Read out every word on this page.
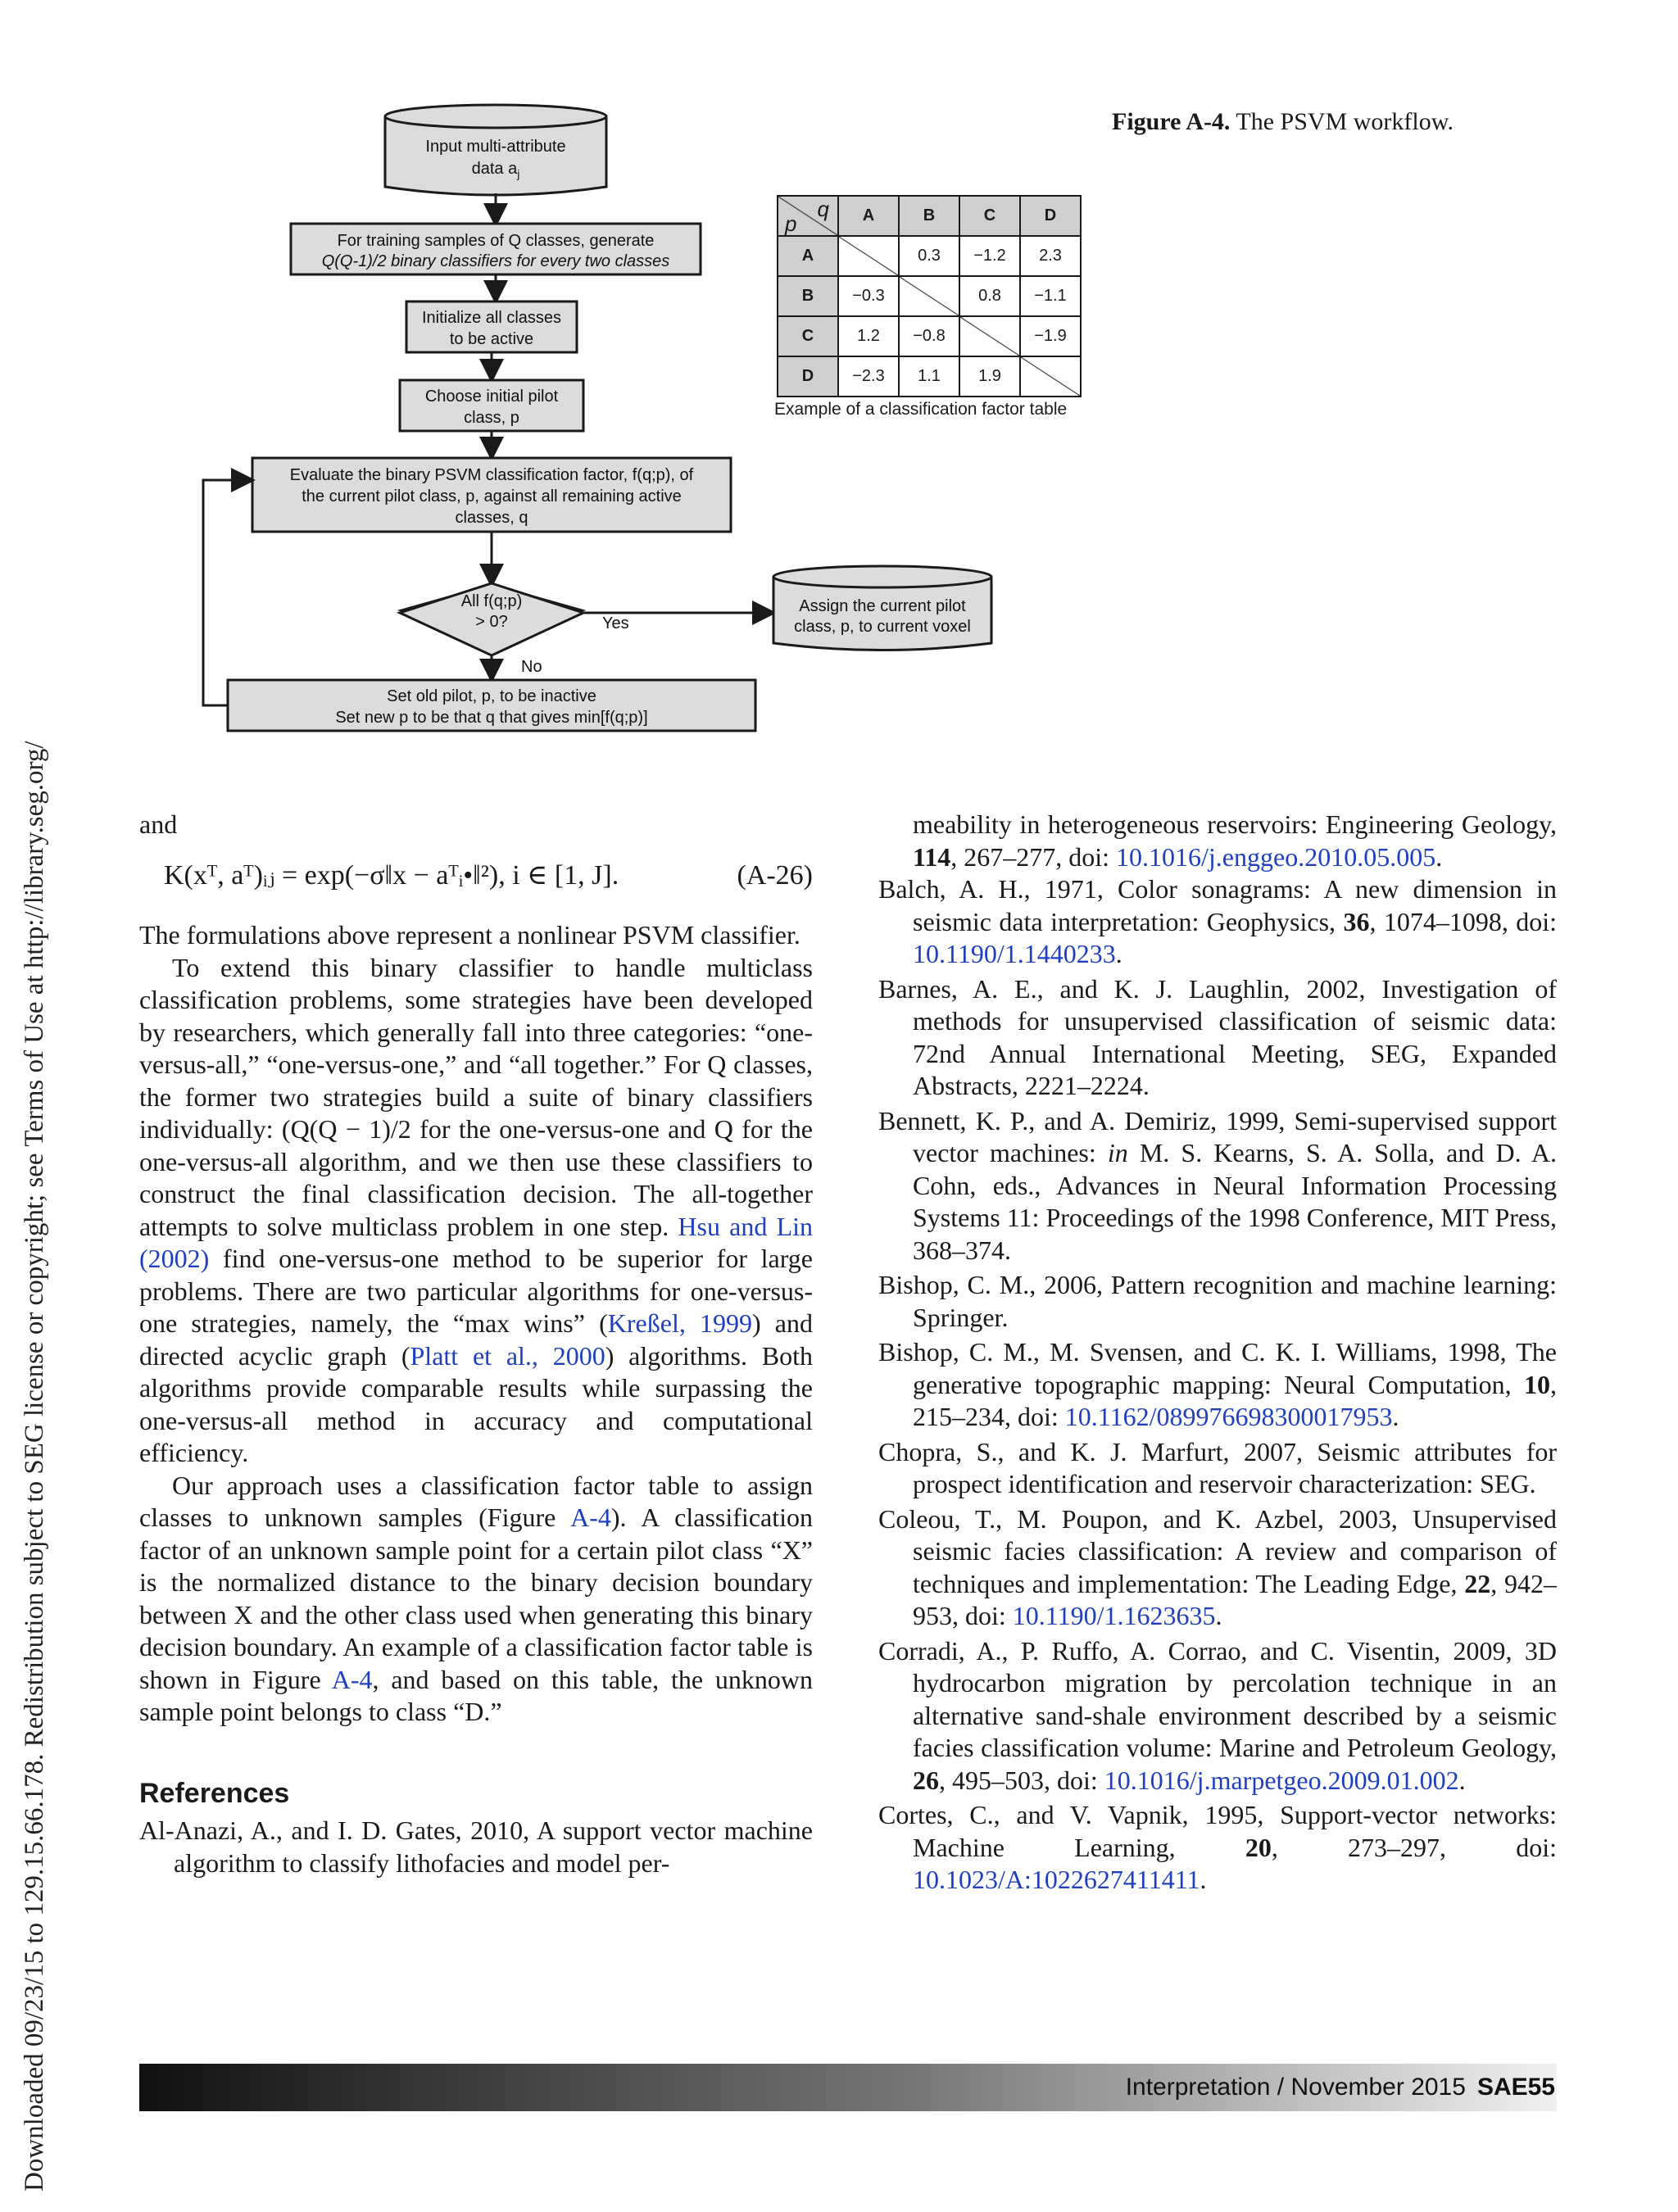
Downloaded 09/23/15 to 129.15.66.178. Redistribution subject to SEG license or copyright; see Terms of Use at http://library.seg.org/
Input multi-attribute
data $a_j$
For training samples of Q classes, generate
Q(Q-1)/2 binary classifiers for every two classes
Initialize all classes
to be active
Choose initial pilot
class, p
Evaluate the binary PSVM classification factor, f(q;p), of
the current pilot class, p, against all remaining active
classes, q
All f(q;p)
> 0?	Yes
Assign the current pilot
class, p, to current voxel
No
Set old pilot, p, to be inactive
Set new p to be that q that gives min[f(q;p)]
Figure A-4. The PSVM workflow.
q
p	A	B	C	D
A		0.3	−1.2	2.3
B	−0.3		0.8	−1.1
C	1.2	−0.8		−1.9
D	−2.3	1.1	1.9	
Example of a classification factor table

and

K(xᵀ, aᵀ)ᵢⱼ = exp(−σ‖x − aᵀᵢ•‖²), i ∈ [1, J].	(A-26)

The formulations above represent a nonlinear PSVM classifier.

To extend this binary classifier to handle multiclass classification problems, some strategies have been developed by researchers, which generally fall into three categories: “one-versus-all,” “one-versus-one,” and “all together.” For Q classes, the former two strategies build a suite of binary classifiers individually: (Q(Q − 1)/2 for the one-versus-one and Q for the one-versus-all algorithm, and we then use these classifiers to construct the final classification decision. The all-together attempts to solve multiclass problem in one step. Hsu and Lin (2002) find one-versus-one method to be superior for large problems. There are two particular algorithms for one-versus-one strategies, namely, the “max wins” (Kreßel, 1999) and directed acyclic graph (Platt et al., 2000) algorithms. Both algorithms provide comparable results while surpassing the one-versus-all method in accuracy and computational efficiency.

Our approach uses a classification factor table to assign classes to unknown samples (Figure A-4). A classification factor of an unknown sample point for a certain pilot class “X” is the normalized distance to the binary decision boundary between X and the other class used when generating this binary decision boundary. An example of a classification factor table is shown in Figure A-4, and based on this table, the unknown sample point belongs to class “D.”

References

Al-Anazi, A., and I. D. Gates, 2010, A support vector machine algorithm to classify lithofacies and model per-

meability in heterogeneous reservoirs: Engineering Geology, 114, 267–277, doi: 10.1016/j.enggeo.2010.05.005.

Balch, A. H., 1971, Color sonagrams: A new dimension in seismic data interpretation: Geophysics, 36, 1074–1098, doi: 10.1190/1.1440233.

Barnes, A. E., and K. J. Laughlin, 2002, Investigation of methods for unsupervised classification of seismic data: 72nd Annual International Meeting, SEG, Expanded Abstracts, 2221–2224.

Bennett, K. P., and A. Demiriz, 1999, Semi-supervised support vector machines: in M. S. Kearns, S. A. Solla, and D. A. Cohn, eds., Advances in Neural Information Processing Systems 11: Proceedings of the 1998 Conference, MIT Press, 368–374.

Bishop, C. M., 2006, Pattern recognition and machine learning: Springer.

Bishop, C. M., M. Svensen, and C. K. I. Williams, 1998, The generative topographic mapping: Neural Computation, 10, 215–234, doi: 10.1162/089976698300017953.

Chopra, S., and K. J. Marfurt, 2007, Seismic attributes for prospect identification and reservoir characterization: SEG.

Coleou, T., M. Poupon, and K. Azbel, 2003, Unsupervised seismic facies classification: A review and comparison of techniques and implementation: The Leading Edge, 22, 942–953, doi: 10.1190/1.1623635.

Corradi, A., P. Ruffo, A. Corrao, and C. Visentin, 2009, 3D hydrocarbon migration by percolation technique in an alternative sand-shale environment described by a seismic facies classification volume: Marine and Petroleum Geology, 26, 495–503, doi: 10.1016/j.marpetgeo.2009.01.002.

Cortes, C., and V. Vapnik, 1995, Support-vector networks: Machine Learning, 20, 273–297, doi: 10.1023/A:1022627411411.

Interpretation / November 2015 SAE55
